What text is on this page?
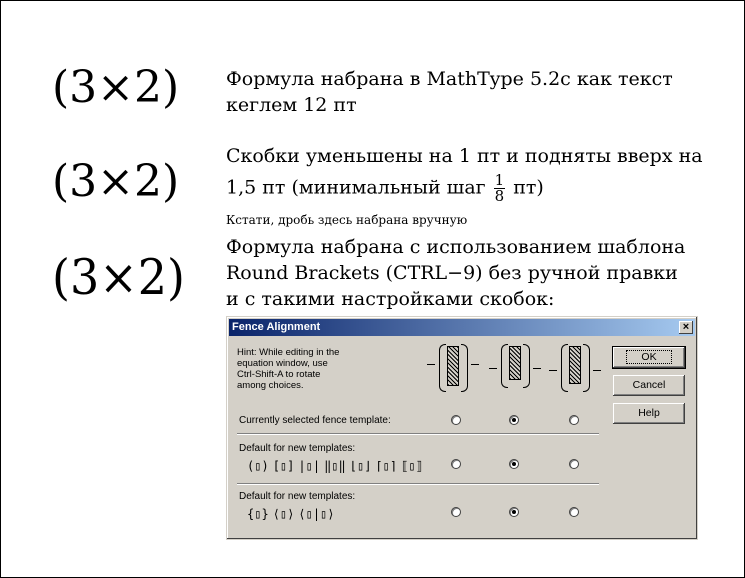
(3×2) Формула набрана в MathType 5.2c как текст
кеглем 12 пт
(3×2) Скобки уменьшены на 1 пт и подняты вверх на
1,5 пт (минимальный шаг $\frac{1}{8} пт$)
Кстати, дробь здесь набрана вручную
(3×2)
Формула набрана с использованием шаблона
Round Brackets (CTRL−9) без ручной правки
и с такими настройками скобок:
Fence Alignment	×
Hint: While editing in the
equation window, use
Ctrl-Shift-A to rotate
among choices.
OK
Cancel
Help
Currently selected fence template:
Default for new templates:
(▯) [▯] |▯| ‖▯‖ ⌊▯⌋ ⌈▯⌉ ⟦▯⟧
Default for new templates:
{▯} ⟨▯⟩ ⟨▯|▯⟩
